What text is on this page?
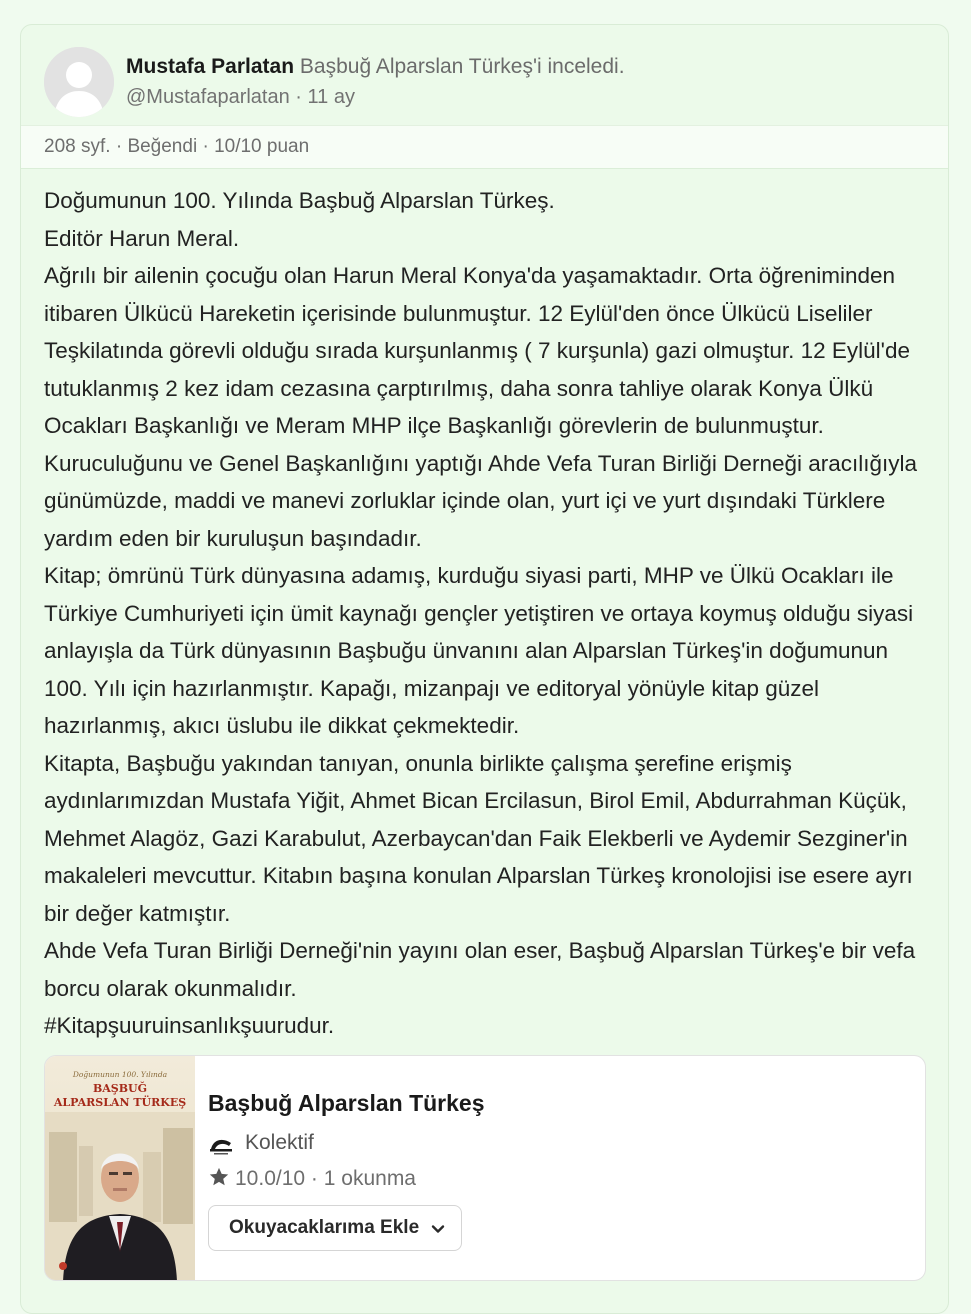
Mustafa Parlatan Başbuğ Alparslan Türkeş'i inceledi.
@Mustafaparlatan · 11 ay
208 syf. · Beğendi · 10/10 puan

Doğumunun 100. Yılında Başbuğ Alparslan Türkeş.

Editör Harun Meral.

Ağrılı bir ailenin çocuğu olan Harun Meral Konya'da yaşamaktadır. Orta öğreniminden itibaren Ülkücü Hareketin içerisinde bulunmuştur. 12 Eylül'den önce Ülkücü Liseliler Teşkilatında görevli olduğu sırada kurşunlanmış ( 7 kurşunla) gazi olmuştur. 12 Eylül'de tutuklanmış 2 kez idam cezasına çarptırılmış, daha sonra tahliye olarak Konya Ülkü Ocakları Başkanlığı ve Meram MHP ilçe Başkanlığı görevlerin de bulunmuştur. Kuruculuğunu ve Genel Başkanlığını yaptığı Ahde Vefa Turan Birliği Derneği aracılığıyla günümüzde, maddi ve manevi zorluklar içinde olan, yurt içi ve yurt dışındaki Türklere yardım eden bir kuruluşun başındadır.

Kitap; ömrünü Türk dünyasına adamış, kurduğu siyasi parti, MHP ve Ülkü Ocakları ile Türkiye Cumhuriyeti için ümit kaynağı gençler yetiştiren ve ortaya koymuş olduğu siyasi anlayışla da Türk dünyasının Başbuğu ünvanını alan Alparslan Türkeş'in doğumunun 100. Yılı için hazırlanmıştır. Kapağı, mizanpajı ve editoryal yönüyle kitap güzel hazırlanmış, akıcı üslubu ile dikkat çekmektedir.

Kitapta, Başbuğu yakından tanıyan, onunla birlikte çalışma şerefine erişmiş aydınlarımızdan Mustafa Yiğit, Ahmet Bican Ercilasun, Birol Emil, Abdurrahman Küçük, Mehmet Alagöz, Gazi Karabulut, Azerbaycan'dan Faik Elekberli ve Aydemir Sezginer'in makaleleri mevcuttur. Kitabın başına konulan Alparslan Türkeş kronolojisi ise esere ayrı bir değer katmıştır.

Ahde Vefa Turan Birliği Derneği'nin yayını olan eser, Başbuğ Alparslan Türkeş'e bir vefa borcu olarak okunmalıdır.

#Kitapşuuruinsanlıkşuurudur.

Doğumunun 100. Yılında
BAŞBUĞ
ALPARSLAN TÜRKEŞ Başbuğ Alparslan Türkeş
Kolektif
10.0/10 · 1 okunma
Okuyacaklarıma Ekle
